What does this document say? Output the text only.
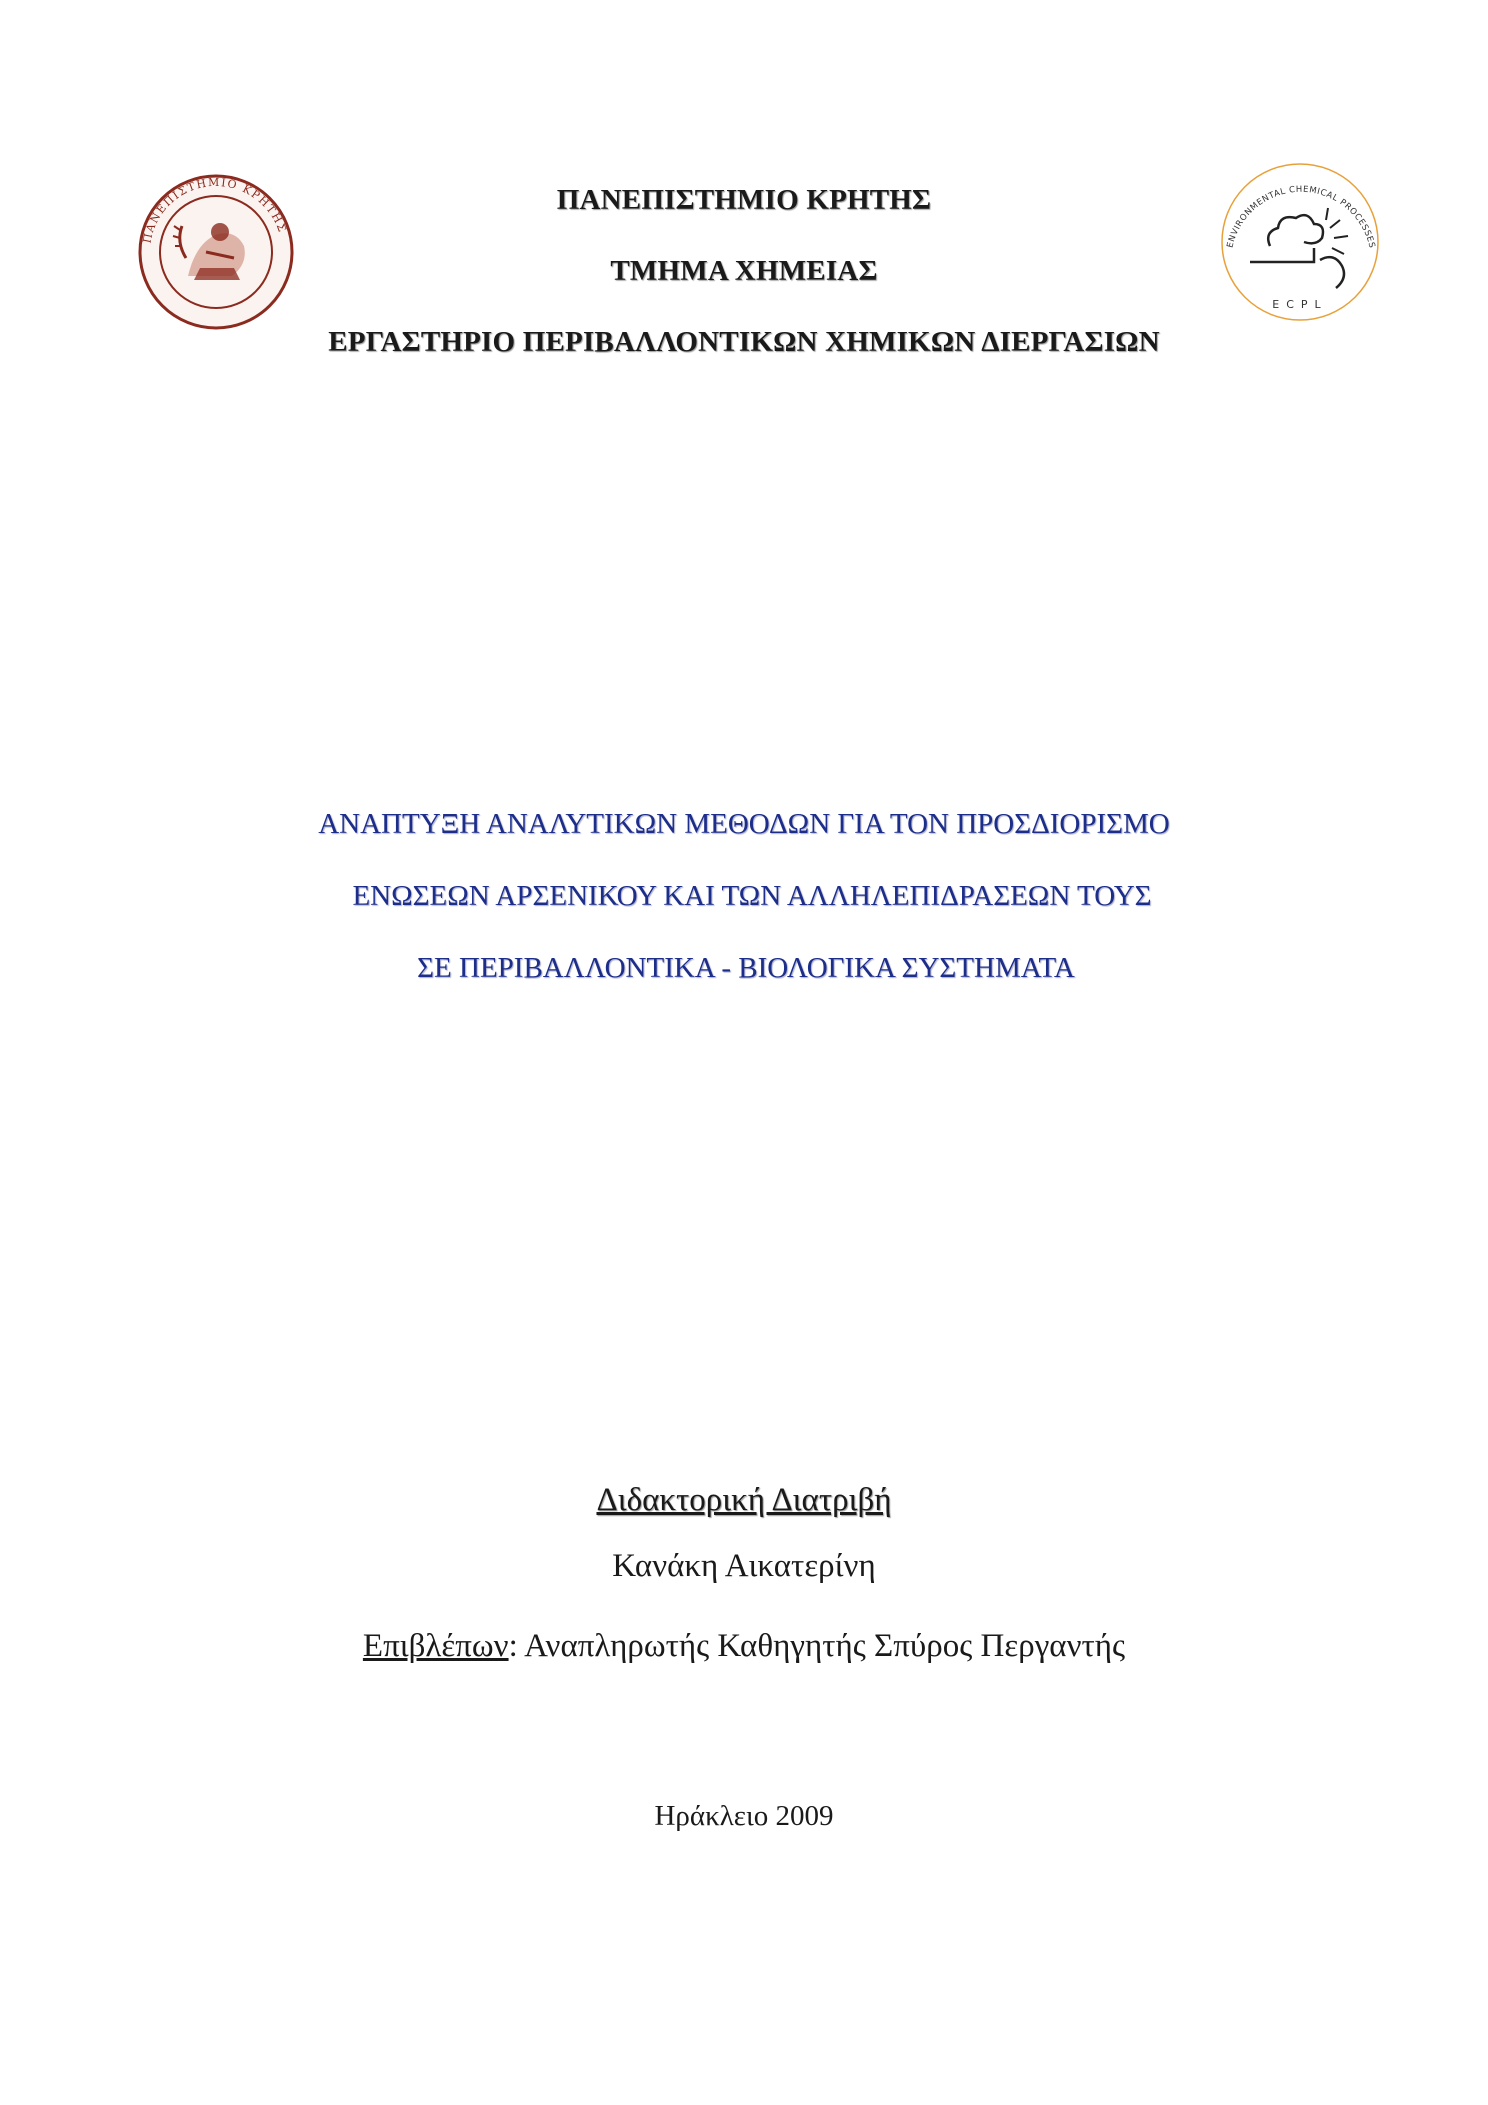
ΠΑΝΕΠΙΣΤΗΜΙΟ ΚΡΗΤΗΣ
ΠΑΝΕΠΙΣΤΗΜΙΟ ΚΡΗΤΗΣ
ΤΜΗΜΑ ΧΗΜΕΙΑΣ
ΕΡΓΑΣΤΗΡΙΟ ΠΕΡΙΒΑΛΛΟΝΤΙΚΩΝ ΧΗΜΙΚΩΝ ΔΙΕΡΓΑΣΙΩΝ
ENVIRONMENTAL CHEMICAL PROCESSES
ECPL
ΑΝΑΠΤΥΞΗ ΑΝΑΛΥΤΙΚΩΝ ΜΕΘΟΔΩΝ ΓΙΑ ΤΟΝ ΠΡΟΣΔΙΟΡΙΣΜΟ
ΕΝΩΣΕΩΝ ΑΡΣΕΝΙΚΟΥ ΚΑΙ ΤΩΝ ΑΛΛΗΛΕΠΙΔΡΑΣΕΩΝ ΤΟΥΣ
ΣΕ ΠΕΡΙΒΑΛΛΟΝΤΙΚΑ - ΒΙΟΛΟΓΙΚΑ ΣΥΣΤΗΜΑΤΑ
Διδακτορική Διατριβή
Κανάκη Αικατερίνη
Επιβλέπων: Αναπληρωτής Καθηγητής Σπύρος Περγαντής
Ηράκλειο 2009
